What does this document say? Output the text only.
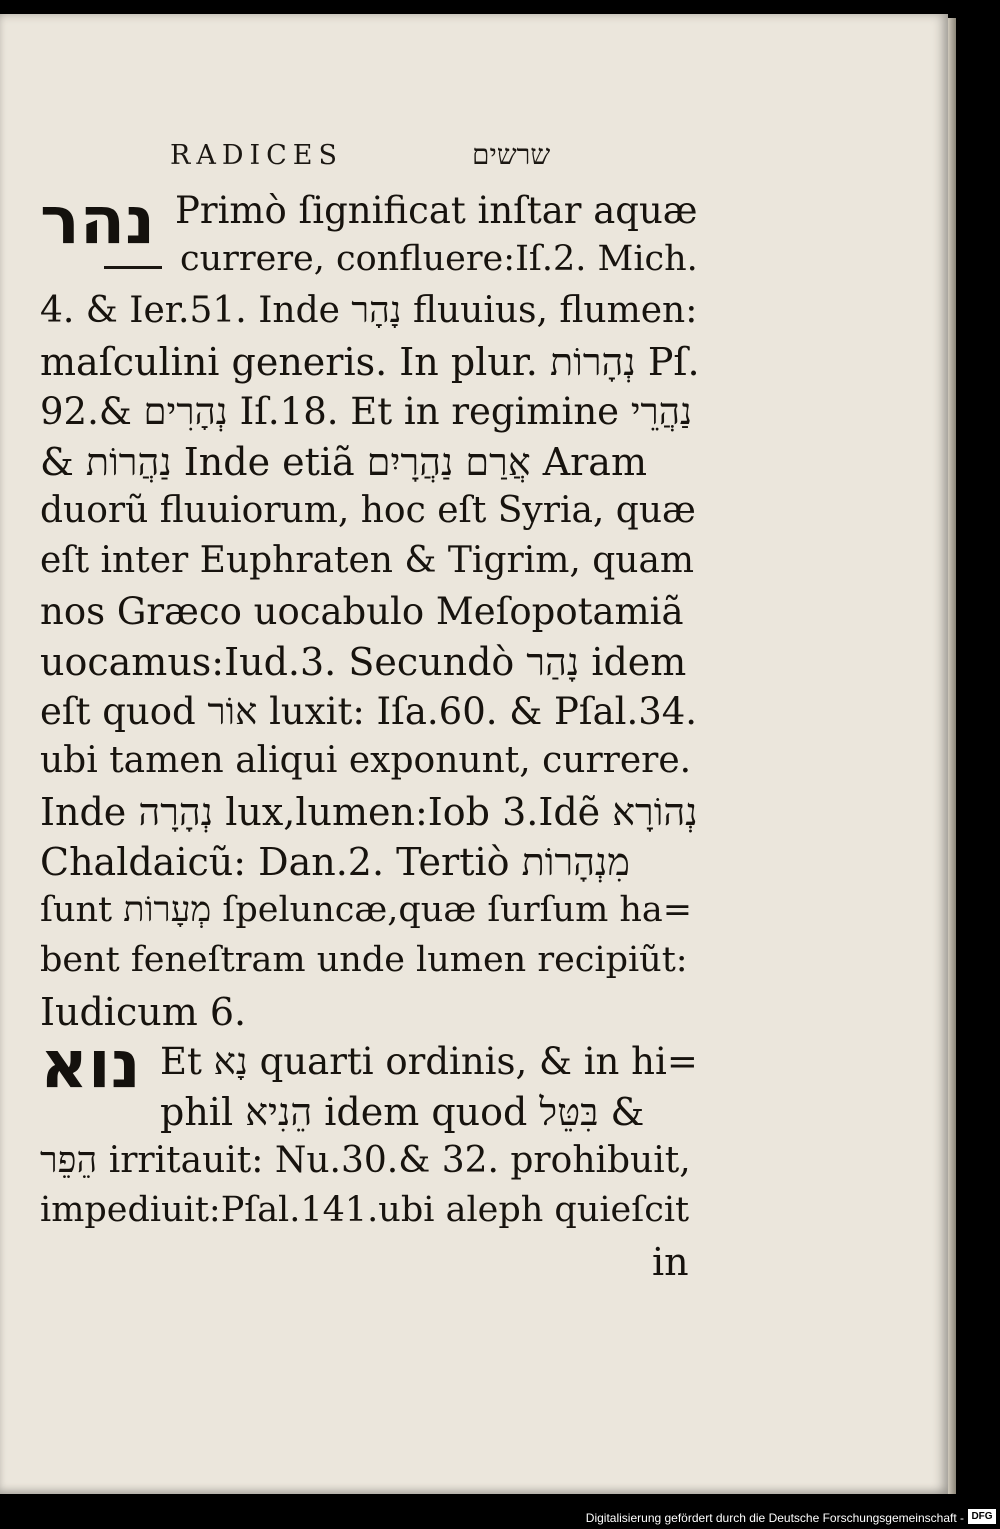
RADICES	שרשים
נהר
נוא
Primò ſignificat inſtar aquæ
currere, confluere:Iſ.2. Mich.
4. & Ier.51. Inde נָהָר fluuius, flumen:
maſculini generis. In plur. נְהָרוֹת Pſ.
92.& נְהָרִים Iſ.18. Et in regimine נַהֲרֵי
& נַהֲרוֹת Inde etiã אֲרַם נַהֲרָיִם Aram
duorũ fluuiorum, hoc eſt Syria, quæ
eſt inter Euphraten & Tigrim, quam
nos Græco uocabulo Meſopotamiã
uocamus:Iud.3. Secundò נָהַר idem
eſt quod אוֹר luxit: Iſa.60. & Pſal.34.
ubi tamen aliqui exponunt, currere.
Inde נְהָרָה lux,lumen:Iob 3.Idẽ נְהוֹרָא
Chaldaicũ: Dan.2. Tertiò מִנְהָרוֹת
ſunt מְעָרוֹת ſpeluncæ,quæ ſurſum ha=
bent feneſtram unde lumen recipiũt:
Iudicum 6.
Et נָא quarti ordinis, & in hi=
phil הֵנִיא idem quod בִּטֵּל &
הֵפֵר irritauit: Nu.30.& 32. prohibuit,
impediuit:Pſal.141.ubi aleph quieſcit
in
Digitalisierung gefördert durch die Deutsche Forschungsgemeinschaft - DFG
